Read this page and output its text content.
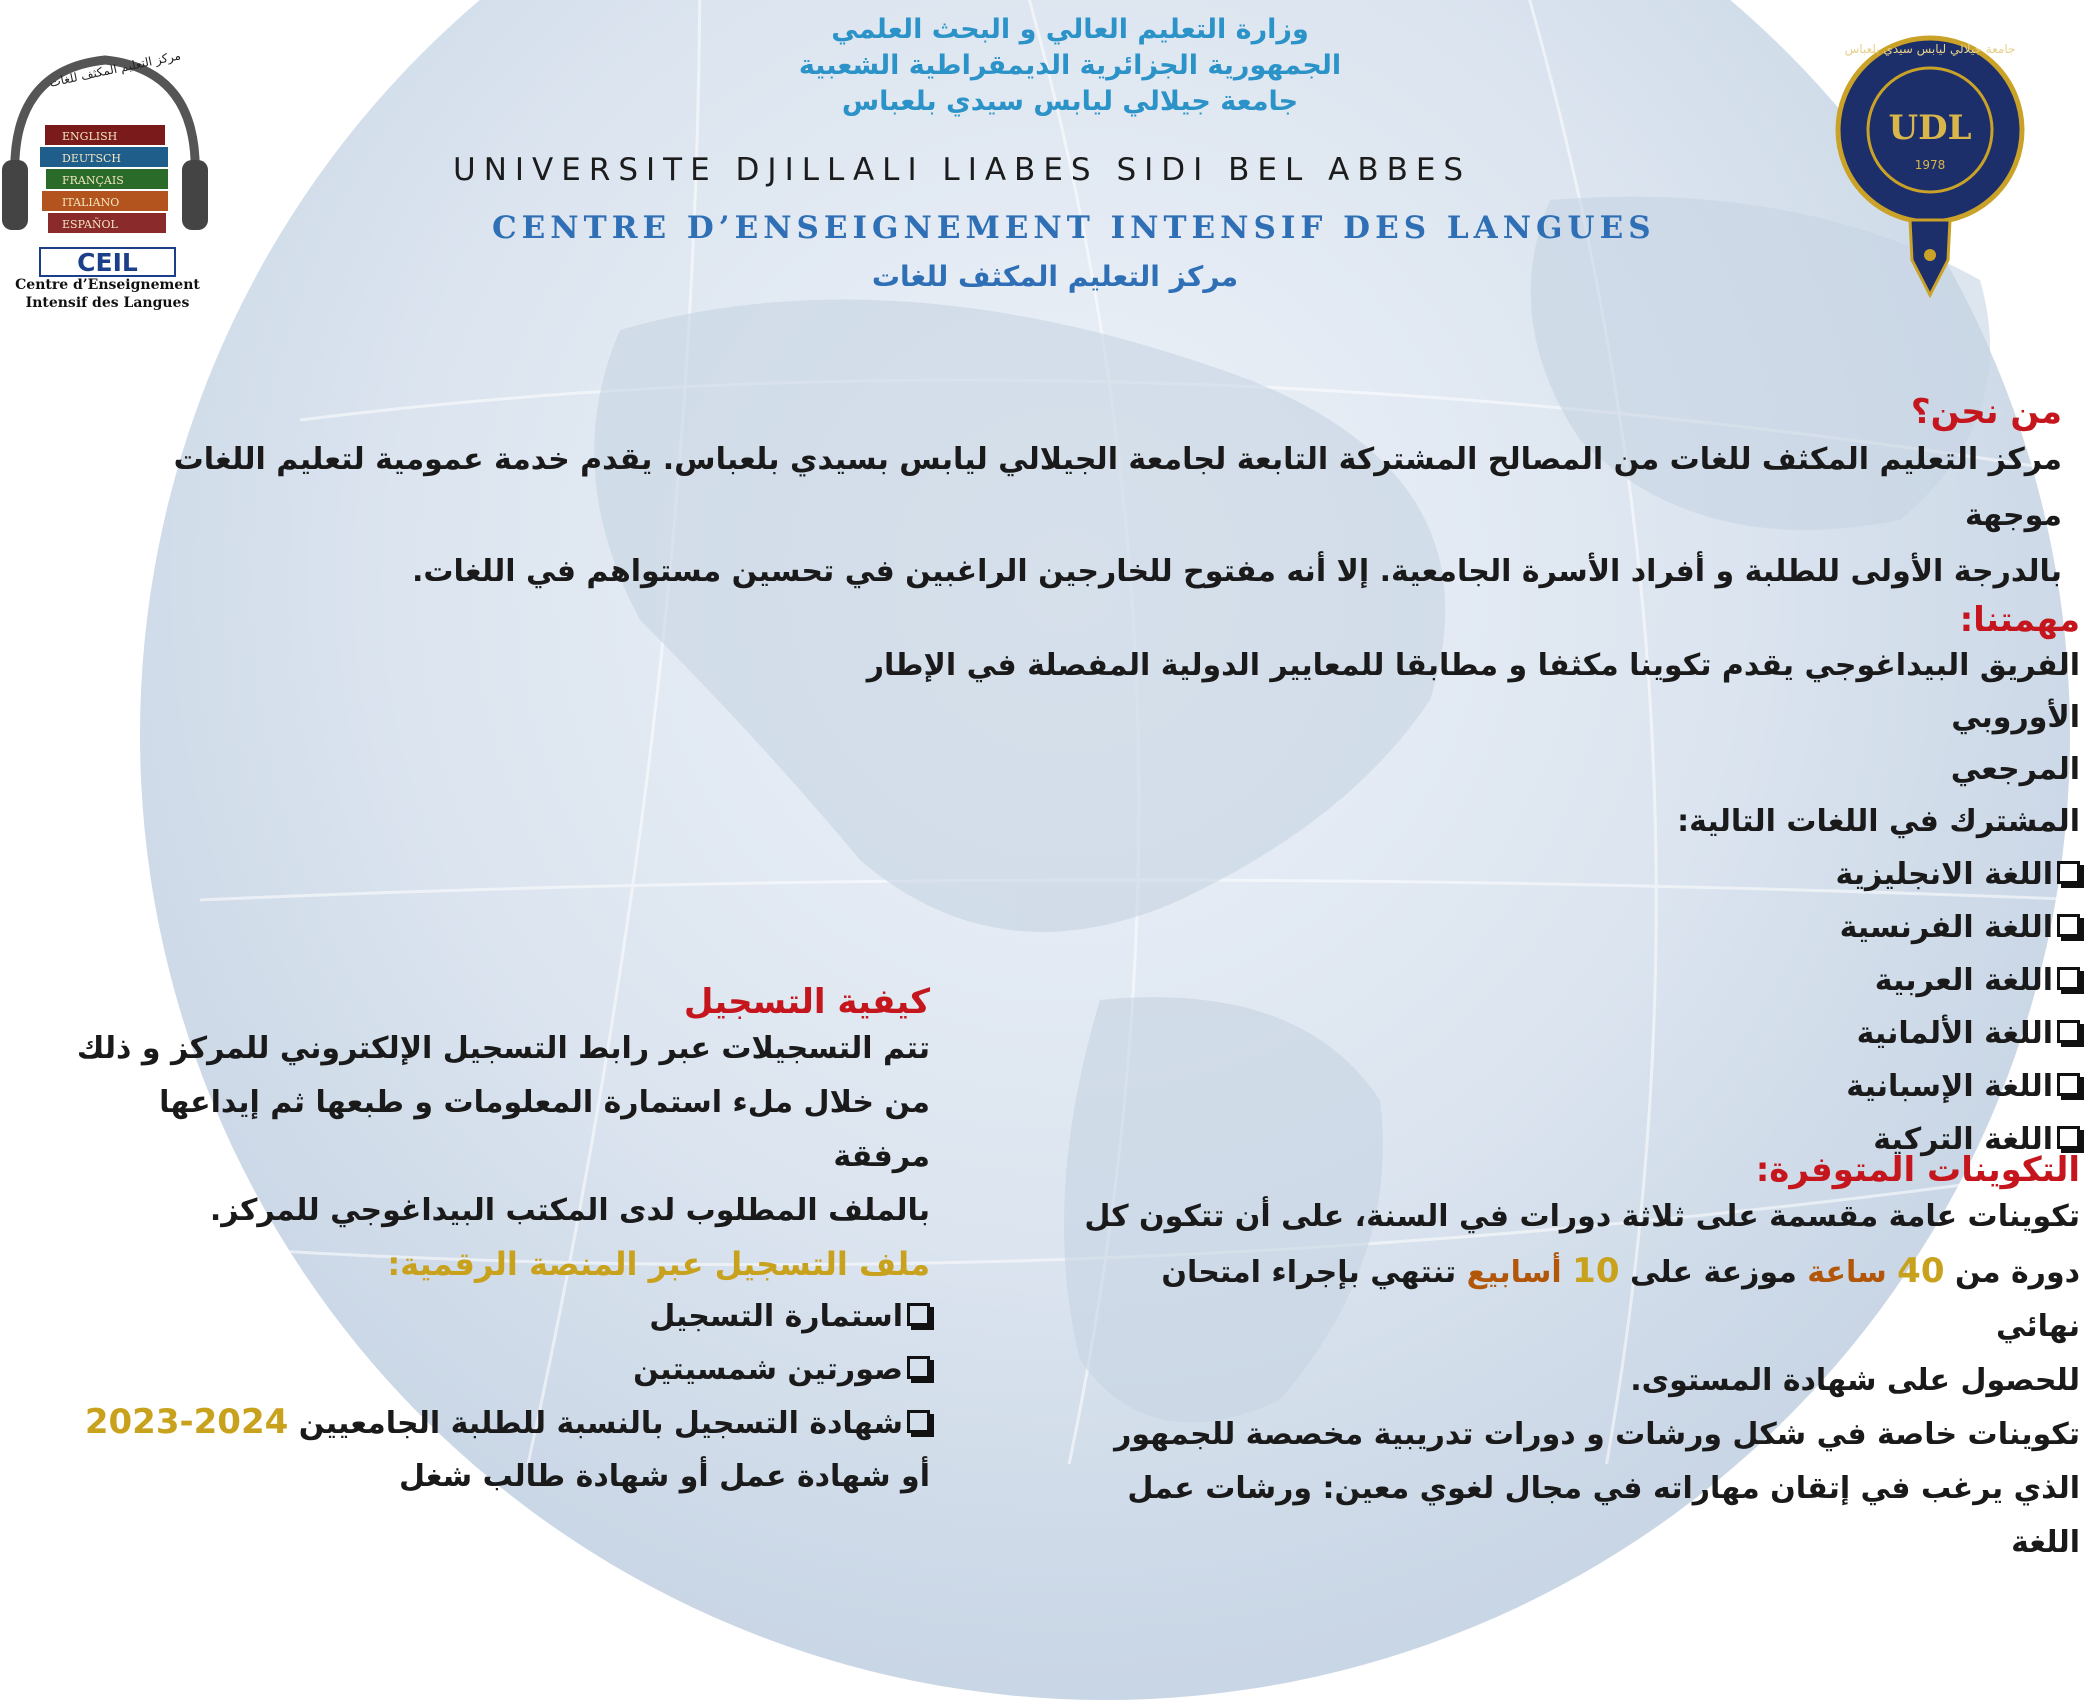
مركز التعليم المكثف للغات
ENGLISH
DEUTSCH
FRANÇAIS
ITALIANO
ESPAÑOL
CEIL
Centre d’Enseignement
Intensif des Langues
UDL
1978
جامعة جيلالي ليابس سيدي بلعباس
وزارة التعليم العالي و البحث العلمي
الجمهورية الجزائرية الديمقراطية الشعبية
جامعة جيلالي ليابس سيدي بلعباس
UNIVERSITE DJILLALI LIABES SIDI BEL ABBES
CENTRE D’ENSEIGNEMENT INTENSIF DES LANGUES
مركز التعليم المكثف للغات
من نحن؟
مركز التعليم المكثف للغات من المصالح المشتركة التابعة لجامعة الجيلالي ليابس بسيدي بلعباس. يقدم خدمة عمومية لتعليم اللغات موجهة
بالدرجة الأولى للطلبة و أفراد الأسرة الجامعية. إلا أنه مفتوح للخارجين الراغبين في تحسين مستواهم في اللغات.
مهمتنا:
الفريق البيداغوجي يقدم تكوينا مكثفا و مطابقا للمعايير الدولية المفصلة في الإطار الأوروبي
المرجعي
المشترك في اللغات التالية:
اللغة الانجليزية
اللغة الفرنسية
اللغة العربية
اللغة الألمانية
اللغة الإسبانية
اللغة التركية
التكوينات المتوفرة:
تكوينات عامة مقسمة على ثلاثة دورات في السنة، على أن تتكون كل
دورة من 40 ساعة موزعة على 10 أسابيع تنتهي بإجراء امتحان نهائي
للحصول على شهادة المستوى.
تكوينات خاصة في شكل ورشات و دورات تدريبية مخصصة للجمهور
الذي يرغب في إتقان مهاراته في مجال لغوي معين: ورشات عمل اللغة
كيفية التسجيل
تتم التسجيلات عبر رابط التسجيل الإلكتروني للمركز و ذلك
من خلال ملء استمارة المعلومات و طبعها ثم إيداعها مرفقة
بالملف المطلوب لدى المكتب البيداغوجي للمركز.
ملف التسجيل عبر المنصة الرقمية:
استمارة التسجيل
صورتين شمسيتين
شهادة التسجيل بالنسبة للطلبة الجامعيين 2024-2023
أو شهادة عمل أو شهادة طالب شغل
